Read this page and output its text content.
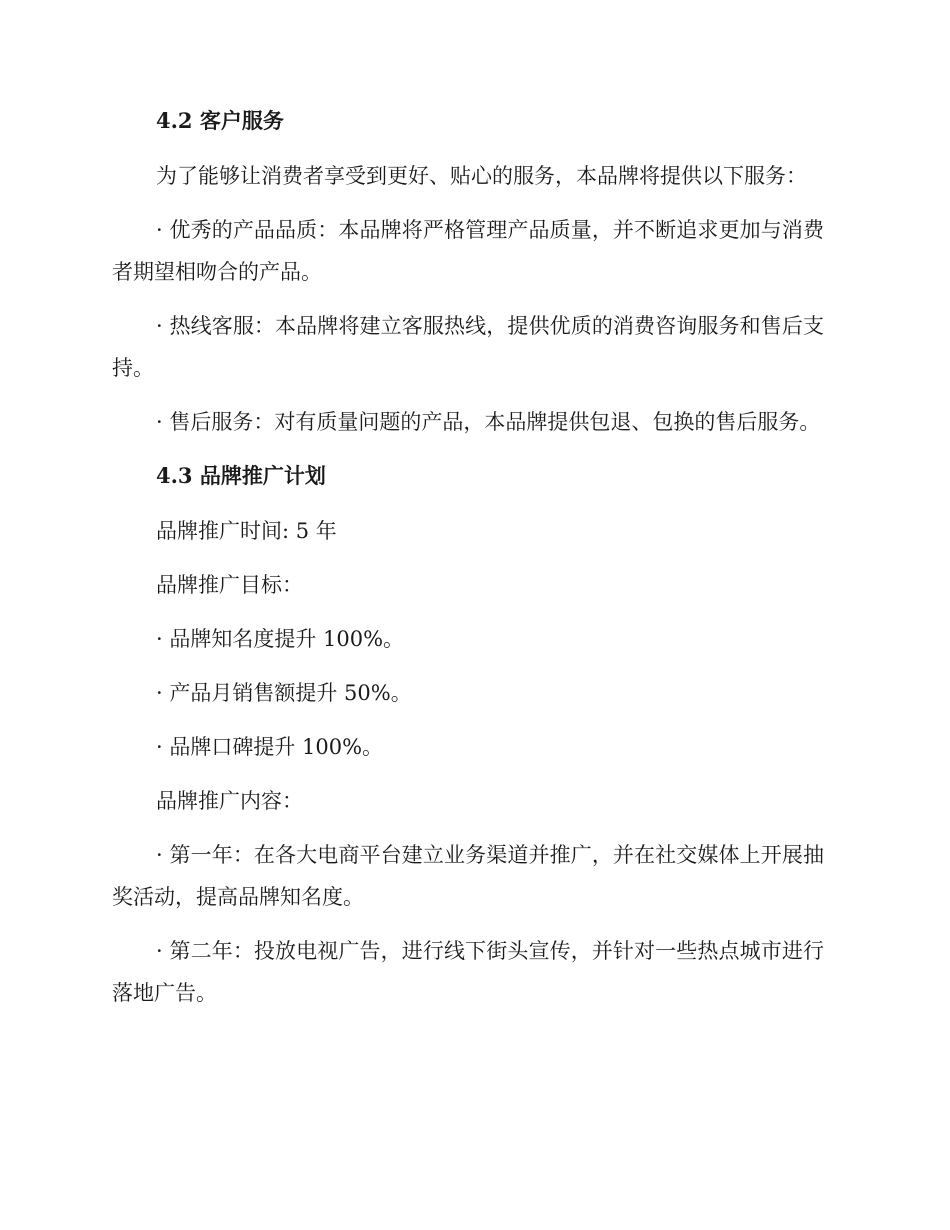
4.2 客户服务
为了能够让消费者享受到更好、贴心的服务，本品牌将提供以下服务：
· 优秀的产品品质：本品牌将严格管理产品质量，并不断追求更加与消费者期望相吻合的产品。
· 热线客服：本品牌将建立客服热线，提供优质的消费咨询服务和售后支持。
· 售后服务：对有质量问题的产品，本品牌提供包退、包换的售后服务。
4.3 品牌推广计划
品牌推广时间: 5 年
品牌推广目标：
· 品牌知名度提升 100%。
· 产品月销售额提升 50%。
· 品牌口碑提升 100%。
品牌推广内容：
· 第一年：在各大电商平台建立业务渠道并推广，并在社交媒体上开展抽奖活动，提高品牌知名度。
· 第二年：投放电视广告，进行线下街头宣传，并针对一些热点城市进行落地广告。
